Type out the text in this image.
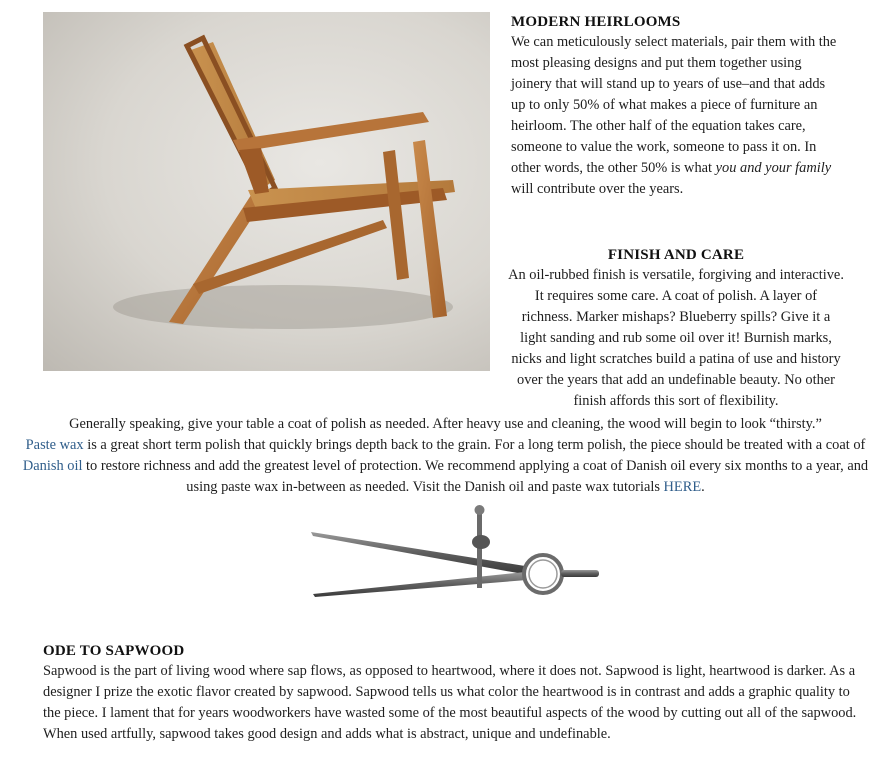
MODERN HEIRLOOMS

We can meticulously select materials, pair them with the most pleasing designs and put them together using joinery that will stand up to years of use–and that adds up to only 50% of what makes a piece of furniture an heirloom. The other half of the equation takes care, someone to value the work, someone to pass it on. In other words, the other 50% is what you and your family will contribute over the years.

FINISH AND CARE

An oil-rubbed finish is versatile, forgiving and interactive. It requires some care. A coat of polish. A layer of richness. Marker mishaps? Blueberry spills? Give it a light sanding and rub some oil over it! Burnish marks, nicks and light scratches build a patina of use and history over the years that add an undefinable beauty. No other finish affords this sort of flexibility.

Generally speaking, give your table a coat of polish as needed. After heavy use and cleaning, the wood will begin to look “thirsty.”
Paste wax is a great short term polish that quickly brings depth back to the grain. For a long term polish, the piece should be treated with a coat of Danish oil to restore richness and add the greatest level of protection. We recommend applying a coat of Danish oil every six months to a year, and using paste wax in-between as needed. Visit the Danish oil and paste wax tutorials HERE.

ODE TO SAPWOOD

Sapwood is the part of living wood where sap flows, as opposed to heartwood, where it does not. Sapwood is light, heartwood is darker. As a designer I prize the exotic flavor created by sapwood. Sapwood tells us what color the heartwood is in contrast and adds a graphic quality to the piece. I lament that for years woodworkers have wasted some of the most beautiful aspects of the wood by cutting out all of the sapwood. When used artfully, sapwood takes good design and adds what is abstract, unique and undefinable.
